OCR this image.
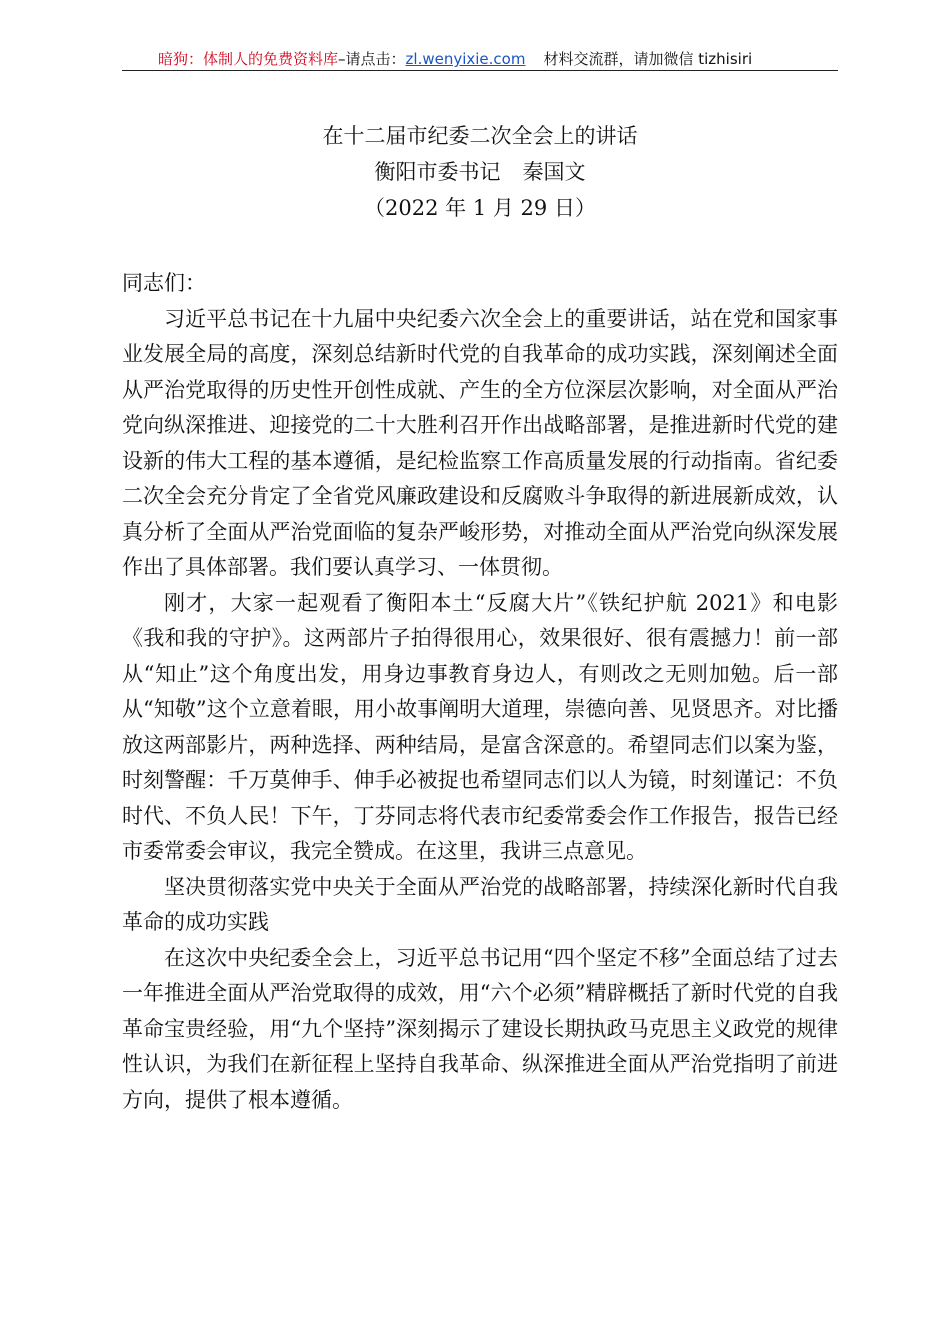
暗狗：体制人的免费资料库–请点击：zl.wenyixie.com 材料交流群，请加微信 tizhisiri
在十二届市纪委二次全会上的讲话
衡阳市委书记 秦国文
（2022 年 1 月 29 日）

同志们：

习近平总书记在十九届中央纪委六次全会上的重要讲话，站在党和国家事业发展全局的高度，深刻总结新时代党的自我革命的成功实践，深刻阐述全面从严治党取得的历史性开创性成就、产生的全方位深层次影响，对全面从严治党向纵深推进、迎接党的二十大胜利召开作出战略部署，是推进新时代党的建设新的伟大工程的基本遵循，是纪检监察工作高质量发展的行动指南。省纪委二次全会充分肯定了全省党风廉政建设和反腐败斗争取得的新进展新成效，认真分析了全面从严治党面临的复杂严峻形势，对推动全面从严治党向纵深发展作出了具体部署。我们要认真学习、一体贯彻。

刚才，大家一起观看了衡阳本土“反腐大片”《铁纪护航 2021》和电影《我和我的守护》。这两部片子拍得很用心，效果很好、很有震撼力！前一部从“知止”这个角度出发，用身边事教育身边人，有则改之无则加勉。后一部从“知敬”这个立意着眼，用小故事阐明大道理，崇德向善、见贤思齐。对比播放这两部影片，两种选择、两种结局，是富含深意的。希望同志们以案为鉴，时刻警醒：千万莫伸手、伸手必被捉也希望同志们以人为镜，时刻谨记：不负时代、不负人民！下午，丁芬同志将代表市纪委常委会作工作报告，报告已经市委常委会审议，我完全赞成。在这里，我讲三点意见。

坚决贯彻落实党中央关于全面从严治党的战略部署，持续深化新时代自我革命的成功实践

在这次中央纪委全会上，习近平总书记用“四个坚定不移”全面总结了过去一年推进全面从严治党取得的成效，用“六个必须”精辟概括了新时代党的自我革命宝贵经验，用“九个坚持”深刻揭示了建设长期执政马克思主义政党的规律性认识，为我们在新征程上坚持自我革命、纵深推进全面从严治党指明了前进方向，提供了根本遵循。
